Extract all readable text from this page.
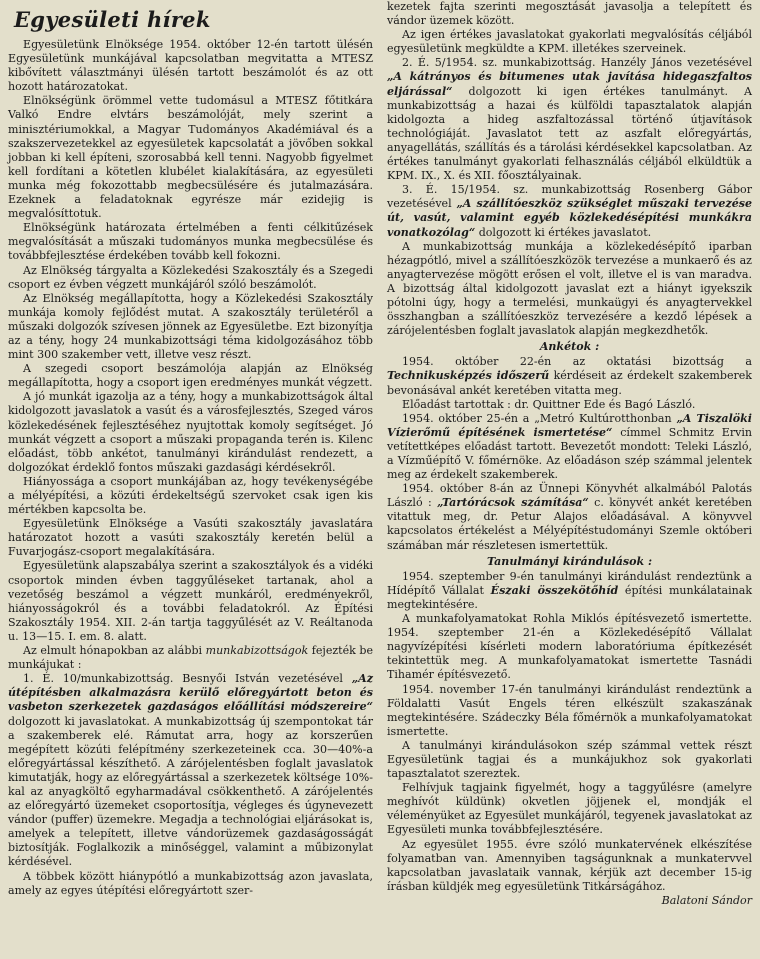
Egyesületi hírek

Egyesületünk Elnöksége 1954. október 12-én tartott ülésén Egyesületünk munkájával kapcsolatban megvitatta a MTESZ kibővített választmányi ülésén tartott beszámolót és az ott hozott határozatokat.

Elnökségünk örömmel vette tudomásul a MTESZ főtitkára Valkó Endre elvtárs beszámolóját, mely szerint a minisztériumokkal, a Magyar Tudományos Akadémiával és a szakszervezetekkel az egyesületek kapcsolatát a jövőben sokkal jobban ki kell építeni, szorosabbá kell tenni. Nagyobb figyelmet kell fordítani a kötetlen klubélet kialakítására, az egyesületi munka még fokozottabb megbecsülésére és jutalmazására. Ezeknek a feladatoknak egyrésze már ezidejig is megvalósíttotuk.

Elnökségünk határozata értelmében a fenti célkitűzések megvalósítását a műszaki tudományos munka megbecsülése és továbbfejlesztése érdekében tovább kell fokozni.

Az Elnökség tárgyalta a Közlekedési Szakosztály és a Szegedi csoport ez évben végzett munkájáról szóló beszámolót.

Az Elnökség megállapította, hogy a Közlekedési Szakosztály munkája komoly fejlődést mutat. A szakosztály területéről a műszaki dolgozók szívesen jönnek az Egyesületbe. Ezt bizonyítja az a tény, hogy 24 munkabizottsági téma kidolgozásához több mint 300 szakember vett, illetve vesz részt.

A szegedi csoport beszámolója alapján az Elnökség megállapította, hogy a csoport igen eredményes munkát végzett.

A jó munkát igazolja az a tény, hogy a munkabizottságok által kidolgozott javaslatok a vasút és a városfejlesztés, Szeged város közlekedésének fejlesztéséhez nyujtottak komoly segítséget. Jó munkát végzett a csoport a műszaki propaganda terén is. Kilenc előadást, több ankétot, tanulmányi kirándulást rendezett, a dolgozókat érdeklő fontos műszaki gazdasági kérdésekről.

Hiányossága a csoport munkájában az, hogy tevékenységébe a mélyépítési, a közúti érdekeltségű szervoket csak igen kis mértékben kapcsolta be.

Egyesületünk Elnöksége a Vasúti szakosztály javaslatára határozatot hozott a vasúti szakosztály keretén belül a Fuvarjogász-csoport megalakítására.

Egyesületünk alapszabálya szerint a szakosztályok és a vidéki csoportok minden évben taggyűléseket tartanak, ahol a vezetőség beszámol a végzett munkáról, eredményekről, hiányosságokról és a további feladatokról. Az Építési Szakosztály 1954. XII. 2-án tartja taggyűlését az V. Reáltanoda u. 13—15. I. em. 8. alatt.

Az elmult hónapokban az alábbi munkabizottságok fejezték be munkájukat :

1. É. 10/munkabizottság. Besnyői István vezetésével „Az útépítésben alkalmazásra kerülő előregyártott beton és vasbeton szerkezetek gazdaságos előállítási módszereire“ dolgozott ki javaslatokat. A munkabizottság új szempontokat tár a szakemberek elé. Rámutat arra, hogy az korszerűen megépített közúti felépítmény szerkezeteinek cca. 30—40%-a előregyártással készíthető. A zárójelentésben foglalt javaslatok kimutatják, hogy az előregyártással a szerkezetek költsége 10%-kal az anyagköltő egyharmadával csökkenthető. A zárójelentés az előregyártó üzemeket csoportosítja, végleges és úgynevezett vándor (puffer) üzemekre. Megadja a technológiai eljárásokat is, amelyek a telepített, illetve vándorüzemek gazdaságosságát biztosítják. Foglalkozik a minőséggel, valamint a műbizonylat kérdésével.

A többek között hiánypótló a munkabizottság azon javaslata, amely az egyes útépítési előregyártott szer-

kezetek fajta szerinti megosztását javasolja a telepített és vándor üzemek között.

Az igen értékes javaslatokat gyakorlati megvalósítás céljából egyesületünk megküldte a KPM. illetékes szerveinek.

2. É. 5/1954. sz. munkabizottság. Hanzély János vezetésével „A kátrányos és bitumenes utak javítása hidegaszfaltos eljárással“ dolgozott ki igen értékes tanulmányt. A munkabizottság a hazai és külföldi tapasztalatok alapján kidolgozta a hideg aszfaltozással történő útjavítások technológiáját. Javaslatot tett az aszfalt előregyártás, anyagellátás, szállítás és a tárolási kérdésekkel kapcsolatban. Az értékes tanulmányt gyakorlati felhasználás céljából elküldtük a KPM. IX., X. és XII. főosztályainak.

3. É. 15/1954. sz. munkabizottság Rosenberg Gábor vezetésével „A szállítóeszköz szükséglet műszaki tervezése út, vasút, valamint egyéb közlekedésépítési munkákra vonatkozólag“ dolgozott ki értékes javaslatot.

A munkabizottság munkája a közlekedésépítő iparban hézagpótló, mivel a szállítóeszközök tervezése a munkaerő és az anyagtervezése mögött erősen el volt, illetve el is van maradva. A bizottság által kidolgozott javaslat ezt a hiányt igyekszik pótolni úgy, hogy a termelési, munkaügyi és anyagtervekkel összhangban a szállítóeszköz tervezésére a kezdő lépések a zárójelentésben foglalt javaslatok alapján megkezdhetők.

Ankétok :

1954. október 22-én az oktatási bizottság a Technikusképzés időszerű kérdéseit az érdekelt szakemberek bevonásával ankét keretében vitatta meg.

Előadást tartottak : dr. Quittner Ede és Bagó László.

1954. október 25-én a „Metró Kultúrotthonban „A Tiszalöki Vízierőmű építésének ismertetése“ címmel Schmitz Ervin vetítettképes előadást tartott. Bevezetőt mondott: Teleki László, a Vízműépítő V. főmérnöke. Az előadáson szép számmal jelentek meg az érdekelt szakemberek.

1954. október 8-án az Ünnepi Könyvhét alkalmából Palotás László : „Tartórácsok számítása“ c. könyvét ankét keretében vitattuk meg, dr. Petur Alajos előadásával. A könyvvel kapcsolatos értékelést a Mélyépítéstudományi Szemle októberi számában már részletesen ismertettük.

Tanulmányi kirándulások :

1954. szeptember 9-én tanulmányi kirándulást rendeztünk a Hídépítő Vállalat Északi összekötőhíd építési munkálatainak megtekintésére.

A munkafolyamatokat Rohla Miklós építésvezető ismertette. 1954. szeptember 21-én a Közlekedésépítő Vállalat nagyvízépítési kísérleti modern laboratóriuma építkezését tekintettük meg. A munkafolyamatokat ismertette Tasnádi Tihamér építésvezető.

1954. november 17-én tanulmányi kirándulást rendeztünk a Földalatti Vasút Engels téren elkészült szakaszának megtekintésére. Szádeczky Béla főmérnök a munkafolyamatokat ismertette.

A tanulmányi kirándulásokon szép számmal vettek részt Egyesületünk tagjai és a munkájukhoz sok gyakorlati tapasztalatot szereztek.

Felhívjuk tagjaink figyelmét, hogy a taggyűlésre (amelyre meghívót küldünk) okvetlen jöjjenek el, mondják el véleményüket az Egyesület munkájáról, tegyenek javaslatokat az Egyesületi munka továbbfejlesztésére.

Az egyesület 1955. évre szóló munkatervének elkészítése folyamatban van. Amennyiben tagságunknak a munkatervvel kapcsolatban javaslataik vannak, kérjük azt december 15-ig írásban küldjék meg egyesületünk Titkárságához.

Balatoni Sándor
